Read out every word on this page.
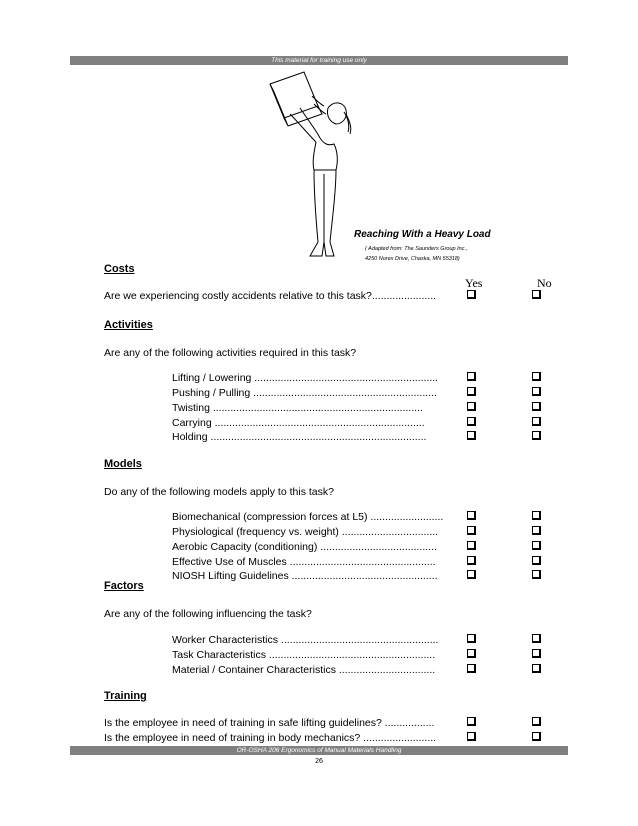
This material for training use only
Reaching With a Heavy Load
( Adapted from: The Saunders Group Inc.,
4250 Norex Drive, Chaska, MN 55318)
Yes	No
Costs
Are we experiencing costly accidents relative to this task?......................
Activities
Are any of the following activities required in this task?
Lifting / Lowering ...............................................................
Pushing / Pulling ...............................................................
Twisting ........................................................................
Carrying ........................................................................
Holding ..........................................................................
Models
Do any of the following models apply to this task?
Biomechanical (compression forces at L5) .........................
Physiological (frequency vs. weight) .................................
Aerobic Capacity (conditioning) ........................................
Effective Use of Muscles ..................................................
NIOSH Lifting Guidelines ..................................................
Factors
Are any of the following influencing the task?
Worker Characteristics ......................................................
Task Characteristics .........................................................
Material / Container Characteristics .................................
Training
Is the employee in need of training in safe lifting guidelines? .................
Is the employee in need of training in body mechanics? .........................
OR-OSHA 206 Ergonomics of Manual Materials Handling
26
